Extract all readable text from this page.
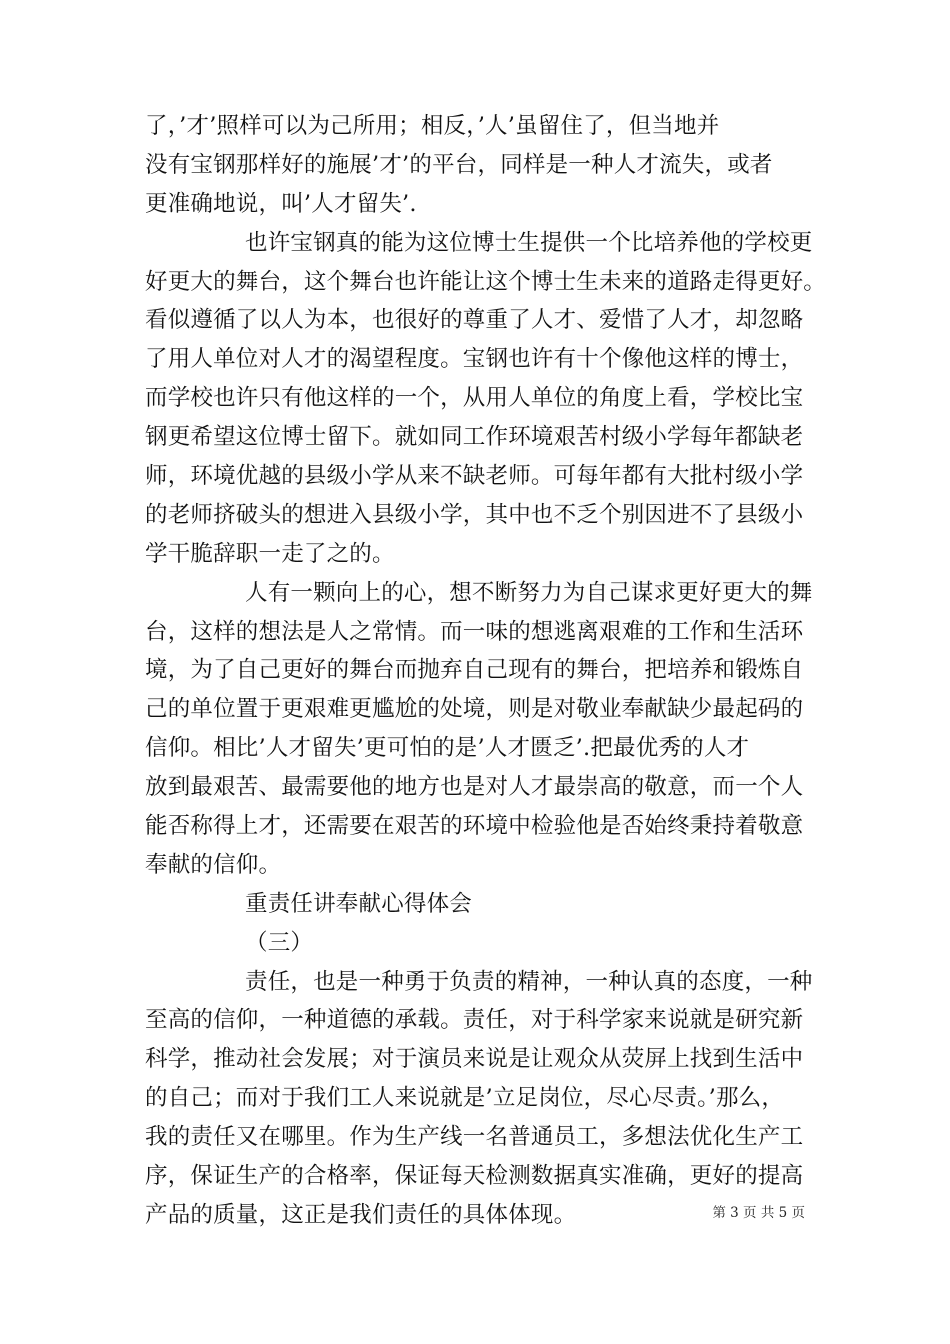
了，’才’照样可以为己所用；相反，’人’虽留住了，但当地并
没有宝钢那样好的施展’才’的平台，同样是一种人才流失，或者
更准确地说，叫’人才留失’.
也许宝钢真的能为这位博士生提供一个比培养他的学校更
好更大的舞台，这个舞台也许能让这个博士生未来的道路走得更好。
看似遵循了以人为本，也很好的尊重了人才、爱惜了人才，却忽略
了用人单位对人才的渴望程度。宝钢也许有十个像他这样的博士，
而学校也许只有他这样的一个，从用人单位的角度上看，学校比宝
钢更希望这位博士留下。就如同工作环境艰苦村级小学每年都缺老
师，环境优越的县级小学从来不缺老师。可每年都有大批村级小学
的老师挤破头的想进入县级小学，其中也不乏个别因进不了县级小
学干脆辞职一走了之的。
人有一颗向上的心，想不断努力为自己谋求更好更大的舞
台，这样的想法是人之常情。而一味的想逃离艰难的工作和生活环
境，为了自己更好的舞台而抛弃自己现有的舞台，把培养和锻炼自
己的单位置于更艰难更尴尬的处境，则是对敬业奉献缺少最起码的
信仰。相比’人才留失’更可怕的是’人才匮乏’.把最优秀的人才
放到最艰苦、最需要他的地方也是对人才最崇高的敬意，而一个人
能否称得上才，还需要在艰苦的环境中检验他是否始终秉持着敬意
奉献的信仰。
重责任讲奉献心得体会
（三）
责任，也是一种勇于负责的精神，一种认真的态度，一种
至高的信仰，一种道德的承载。责任，对于科学家来说就是研究新
科学，推动社会发展；对于演员来说是让观众从荧屏上找到生活中
的自己；而对于我们工人来说就是’立足岗位，尽心尽责。’那么，
我的责任又在哪里。作为生产线一名普通员工，多想法优化生产工
序，保证生产的合格率，保证每天检测数据真实准确，更好的提高
产品的质量，这正是我们责任的具体体现。	第 3 页 共 5 页
